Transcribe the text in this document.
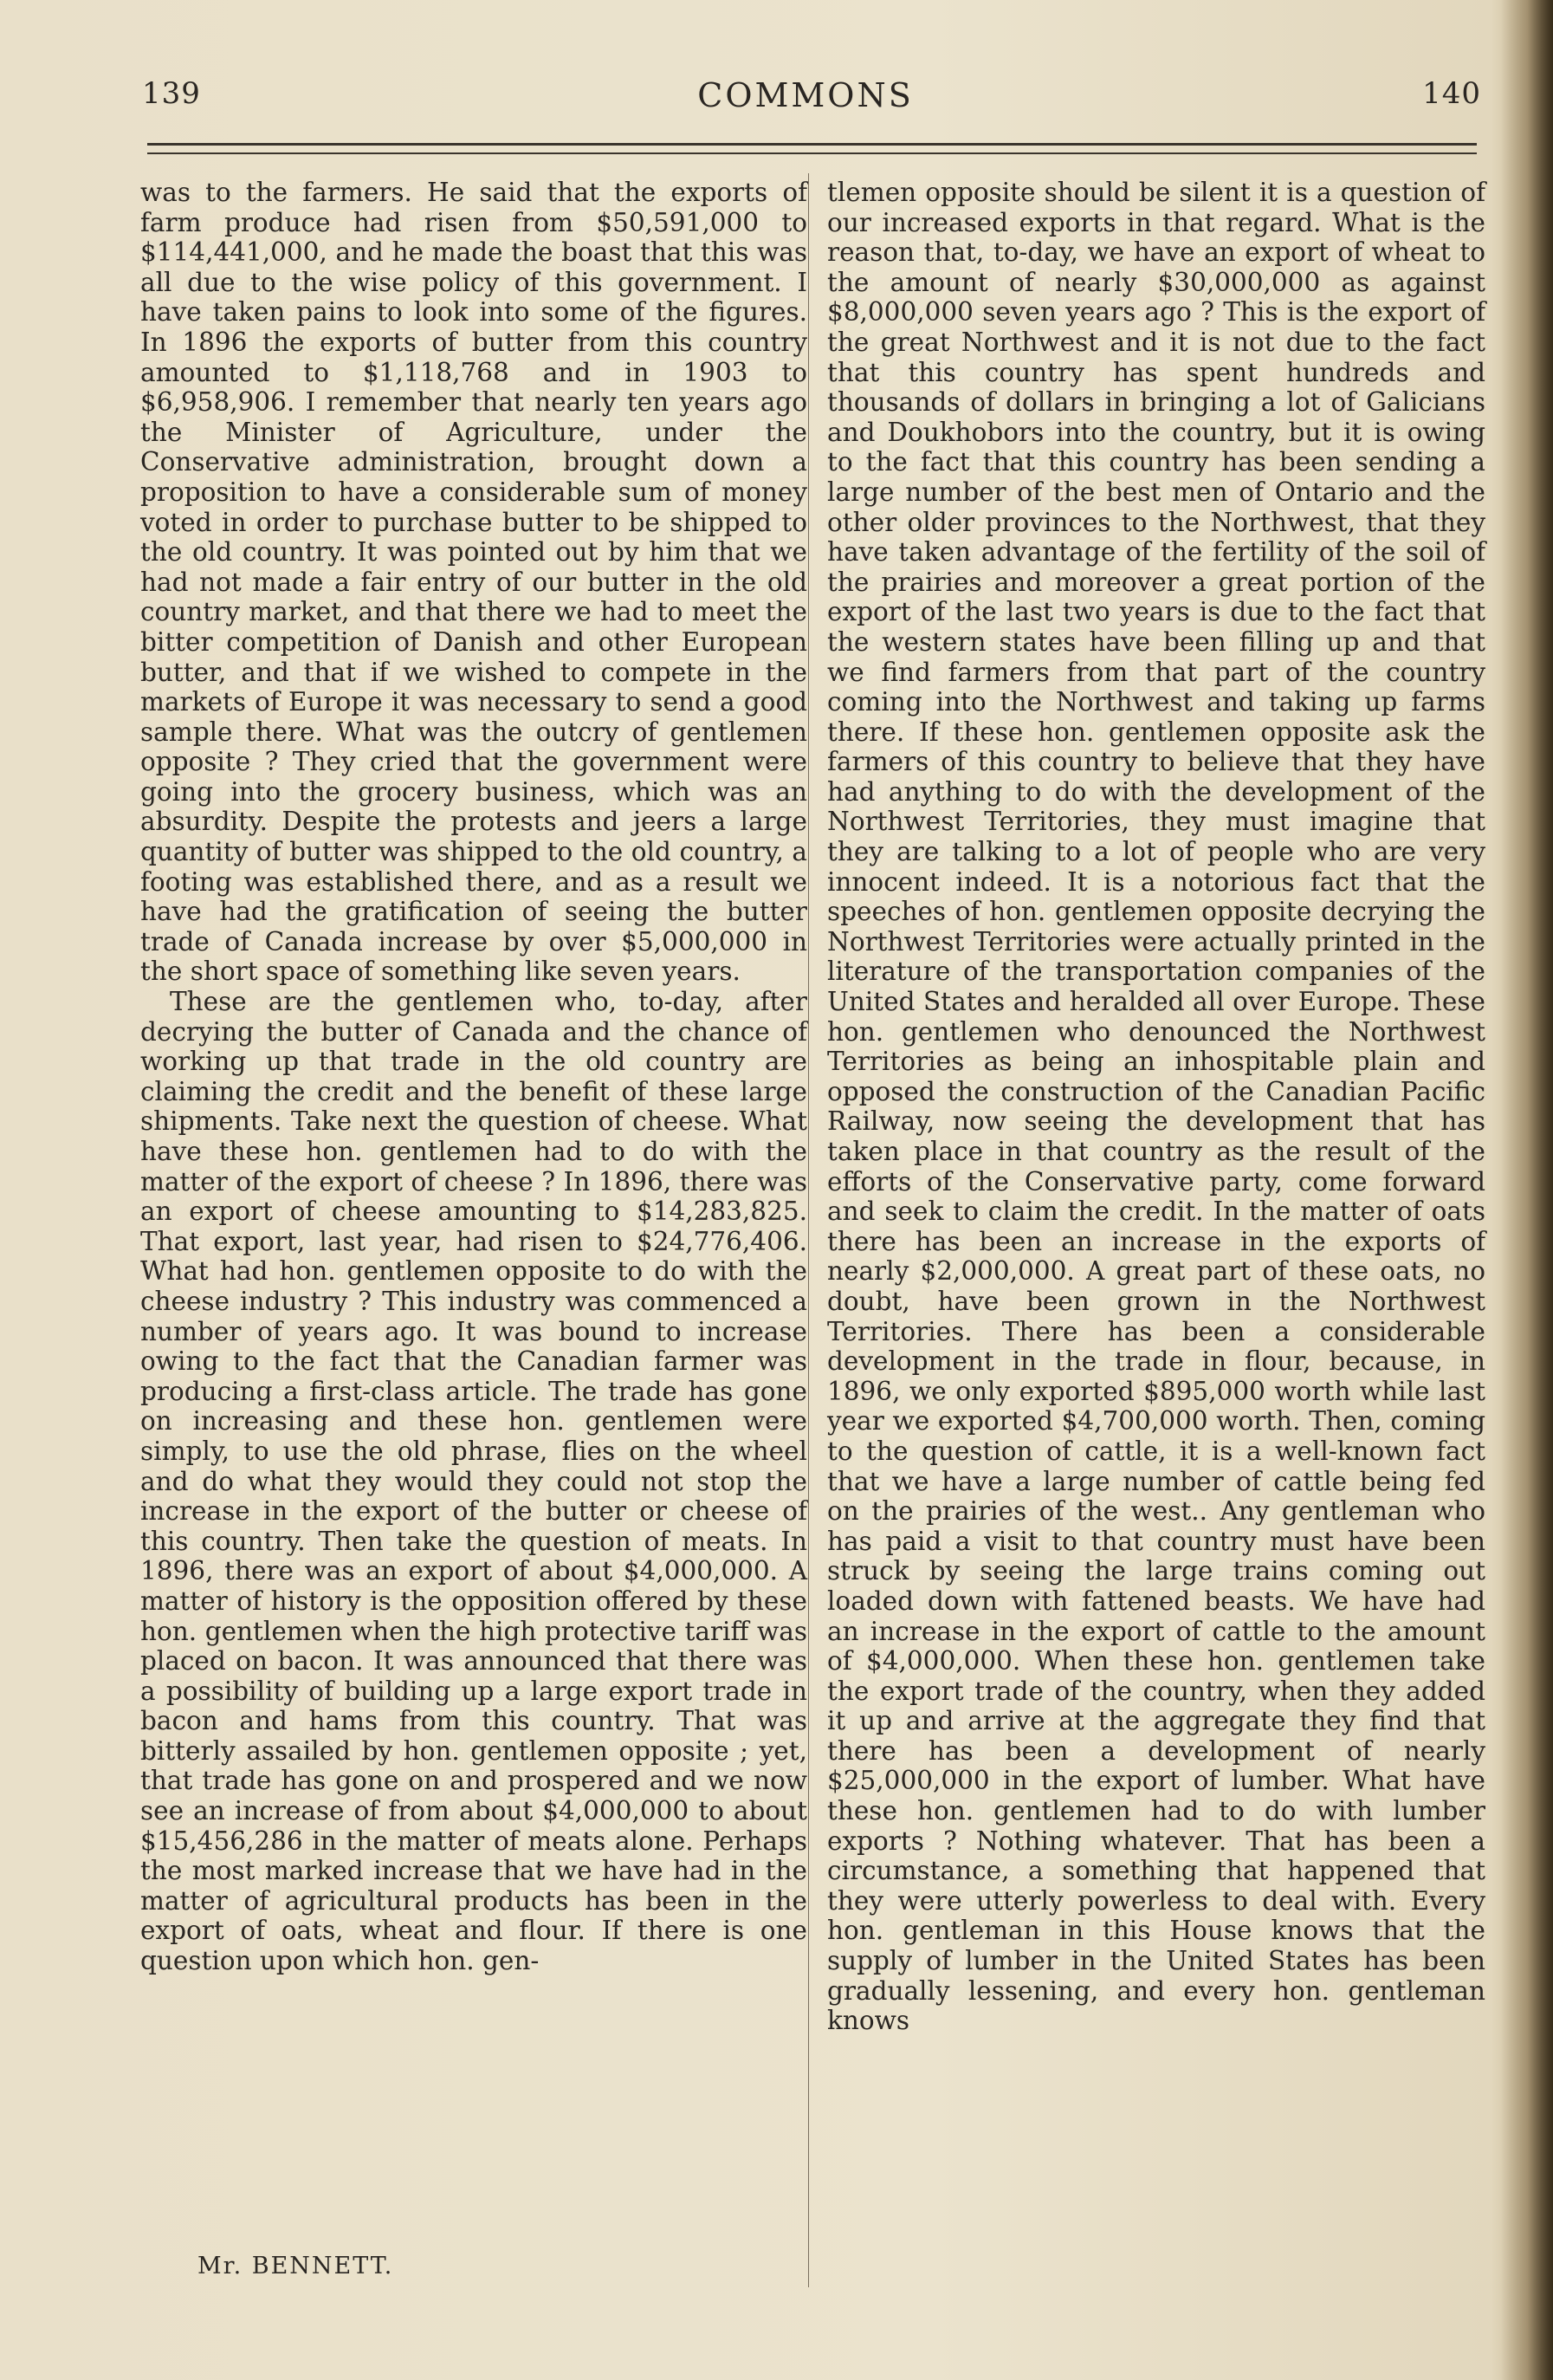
139	COMMONS	140

was to the farmers. He said that the exports of farm produce had risen from $50,591,000 to $114,441,000, and he made the boast that this was all due to the wise policy of this government. I have taken pains to look into some of the figures. In 1896 the exports of butter from this country amounted to $1,118,768 and in 1903 to $6,958,906. I remember that nearly ten years ago the Minister of Agriculture, under the Conservative administration, brought down a proposition to have a considerable sum of money voted in order to purchase butter to be shipped to the old country. It was pointed out by him that we had not made a fair entry of our butter in the old country market, and that there we had to meet the bitter competition of Danish and other European butter, and that if we wished to compete in the markets of Europe it was necessary to send a good sample there. What was the outcry of gentlemen opposite ? They cried that the government were going into the grocery business, which was an absurdity. Despite the protests and jeers a large quantity of butter was shipped to the old country, a footing was established there, and as a result we have had the gratification of seeing the butter trade of Canada increase by over $5,000,000 in the short space of something like seven years.

These are the gentlemen who, to-day, after decrying the butter of Canada and the chance of working up that trade in the old country are claiming the credit and the benefit of these large shipments. Take next the question of cheese. What have these hon. gentlemen had to do with the matter of the export of cheese ? In 1896, there was an export of cheese amounting to $14,283,825. That export, last year, had risen to $24,776,406. What had hon. gentlemen opposite to do with the cheese industry ? This industry was commenced a number of years ago. It was bound to increase owing to the fact that the Canadian farmer was producing a first-class article. The trade has gone on increasing and these hon. gentlemen were simply, to use the old phrase, flies on the wheel and do what they would they could not stop the increase in the export of the butter or cheese of this country. Then take the question of meats. In 1896, there was an export of about $4,000,000. A matter of history is the opposition offered by these hon. gentlemen when the high protective tariff was placed on bacon. It was announced that there was a possibility of building up a large export trade in bacon and hams from this country. That was bitterly assailed by hon. gentlemen opposite ; yet, that trade has gone on and prospered and we now see an increase of from about $4,000,000 to about $15,456,286 in the matter of meats alone. Perhaps the most marked increase that we have had in the matter of agricultural products has been in the export of oats, wheat and flour. If there is one question upon which hon. gen-

tlemen opposite should be silent it is a question of our increased exports in that regard. What is the reason that, to-day, we have an export of wheat to the amount of nearly $30,000,000 as against $8,000,000 seven years ago ? This is the export of the great Northwest and it is not due to the fact that this country has spent hundreds and thousands of dollars in bringing a lot of Galicians and Doukhobors into the country, but it is owing to the fact that this country has been sending a large number of the best men of Ontario and the other older provinces to the Northwest, that they have taken advantage of the fertility of the soil of the prairies and moreover a great portion of the export of the last two years is due to the fact that the western states have been filling up and that we find farmers from that part of the country coming into the Northwest and taking up farms there. If these hon. gentlemen opposite ask the farmers of this country to believe that they have had anything to do with the development of the Northwest Territories, they must imagine that they are talking to a lot of people who are very innocent indeed. It is a notorious fact that the speeches of hon. gentlemen opposite decrying the Northwest Territories were actually printed in the literature of the transportation companies of the United States and heralded all over Europe. These hon. gentlemen who denounced the Northwest Territories as being an inhospitable plain and opposed the construction of the Canadian Pacific Railway, now seeing the development that has taken place in that country as the result of the efforts of the Conservative party, come forward and seek to claim the credit. In the matter of oats there has been an increase in the exports of nearly $2,000,000. A great part of these oats, no doubt, have been grown in the Northwest Territories. There has been a considerable development in the trade in flour, because, in 1896, we only exported $895,000 worth while last year we exported $4,700,000 worth. Then, coming to the question of cattle, it is a well-known fact that we have a large number of cattle being fed on the prairies of the west.. Any gentleman who has paid a visit to that country must have been struck by seeing the large trains coming out loaded down with fattened beasts. We have had an increase in the export of cattle to the amount of $4,000,000. When these hon. gentlemen take the export trade of the country, when they added it up and arrive at the aggregate they find that there has been a development of nearly $25,000,000 in the export of lumber. What have these hon. gentlemen had to do with lumber exports ? Nothing whatever. That has been a circumstance, a something that happened that they were utterly powerless to deal with. Every hon. gentleman in this House knows that the supply of lumber in the United States has been gradually lessening, and every hon. gentleman knows

Mr. BENNETT.
